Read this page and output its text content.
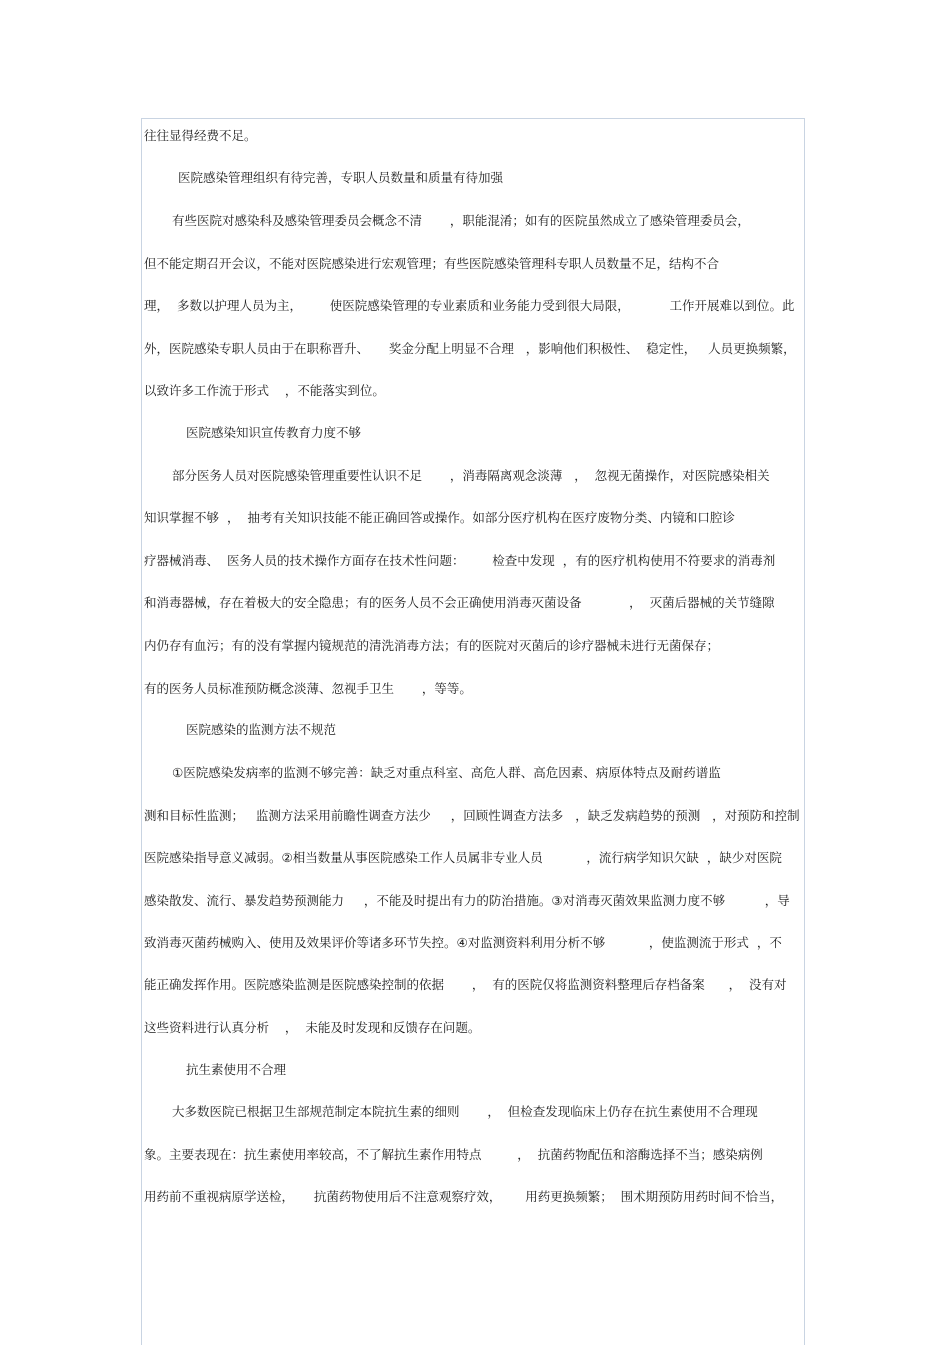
往往显得经费不足。

医院感染管理组织有待完善，专职人员数量和质量有待加强

有些医院对感染科及感染管理委员会概念不清       ，职能混淆；如有的医院虽然成立了感染管理委员会，

但不能定期召开会议，不能对医院感染进行宏观管理；有些医院感染管理科专职人员数量不足，结构不合

理，  多数以护理人员为主，       使医院感染管理的专业素质和业务能力受到很大局限，          工作开展难以到位。此

外，医院感染专职人员由于在职称晋升、     奖金分配上明显不合理   ，影响他们积极性、  稳定性，   人员更换频繁，

以致许多工作流于形式    ，不能落实到位。

医院感染知识宣传教育力度不够

部分医务人员对医院感染管理重要性认识不足       ，消毒隔离观念淡薄   ，  忽视无菌操作，对医院感染相关

知识掌握不够  ，  抽考有关知识技能不能正确回答或操作。如部分医疗机构在医疗废物分类、内镜和口腔诊

疗器械消毒、  医务人员的技术操作方面存在技术性问题：       检查中发现  ，有的医疗机构使用不符要求的消毒剂

和消毒器械，存在着极大的安全隐患；有的医务人员不会正确使用消毒灭菌设备            ，  灭菌后器械的关节缝隙

内仍存有血污；有的没有掌握内镜规范的清洗消毒方法；有的医院对灭菌后的诊疗器械未进行无菌保存；

有的医务人员标准预防概念淡薄、忽视手卫生       ，等等。

医院感染的监测方法不规范

①医院感染发病率的监测不够完善：缺乏对重点科室、高危人群、高危因素、病原体特点及耐药谱监

测和目标性监测；   监测方法采用前瞻性调查方法少     ，回顾性调查方法多   ，缺乏发病趋势的预测   ，对预防和控制

医院感染指导意义减弱。②相当数量从事医院感染工作人员属非专业人员           ，流行病学知识欠缺  ，缺少对医院

感染散发、流行、暴发趋势预测能力     ，不能及时提出有力的防治措施。③对消毒灭菌效果监测力度不够          ，导

致消毒灭菌药械购入、使用及效果评价等诸多环节失控。④对监测资料利用分析不够           ，使监测流于形式  ，不

能正确发挥作用。医院感染监测是医院感染控制的依据       ，  有的医院仅将监测资料整理后存档备案      ，  没有对

这些资料进行认真分析    ，  未能及时发现和反馈存在问题。

抗生素使用不合理

大多数医院已根据卫生部规范制定本院抗生素的细则       ，  但检查发现临床上仍存在抗生素使用不合理现

象。主要表现在：抗生素使用率较高，不了解抗生素作用特点         ，  抗菌药物配伍和溶酶选择不当；感染病例

用药前不重视病原学送检，     抗菌药物使用后不注意观察疗效，      用药更换频繁；  围术期预防用药时间不恰当，
